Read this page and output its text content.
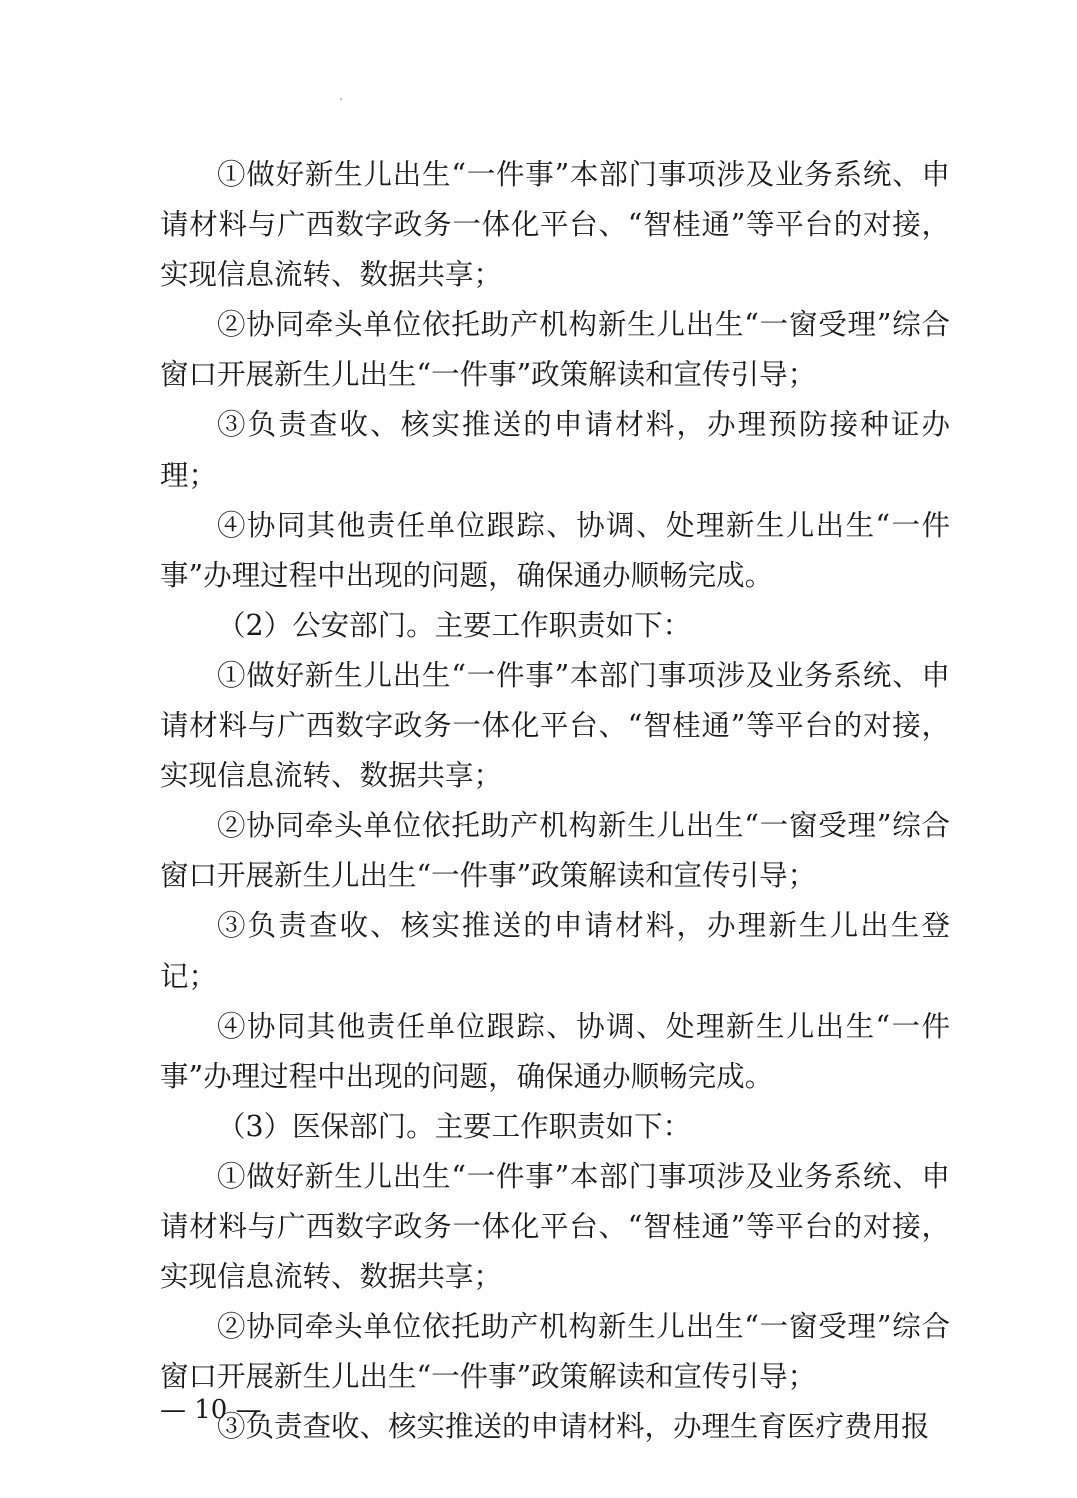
①做好新生儿出生“一件事”本部门事项涉及业务系统、申请材料与广西数字政务一体化平台、“智桂通”等平台的对接，实现信息流转、数据共享；

②协同牵头单位依托助产机构新生儿出生“一窗受理”综合窗口开展新生儿出生“一件事”政策解读和宣传引导；

③负责查收、核实推送的申请材料，办理预防接种证办理；

④协同其他责任单位跟踪、协调、处理新生儿出生“一件事”办理过程中出现的问题，确保通办顺畅完成。

（2）公安部门。主要工作职责如下：

①做好新生儿出生“一件事”本部门事项涉及业务系统、申请材料与广西数字政务一体化平台、“智桂通”等平台的对接，实现信息流转、数据共享；

②协同牵头单位依托助产机构新生儿出生“一窗受理”综合窗口开展新生儿出生“一件事”政策解读和宣传引导；

③负责查收、核实推送的申请材料，办理新生儿出生登记；

④协同其他责任单位跟踪、协调、处理新生儿出生“一件事”办理过程中出现的问题，确保通办顺畅完成。

（3）医保部门。主要工作职责如下：

①做好新生儿出生“一件事”本部门事项涉及业务系统、申请材料与广西数字政务一体化平台、“智桂通”等平台的对接，实现信息流转、数据共享；

②协同牵头单位依托助产机构新生儿出生“一窗受理”综合窗口开展新生儿出生“一件事”政策解读和宣传引导；

③负责查收、核实推送的申请材料，办理生育医疗费用报

— 10 —
